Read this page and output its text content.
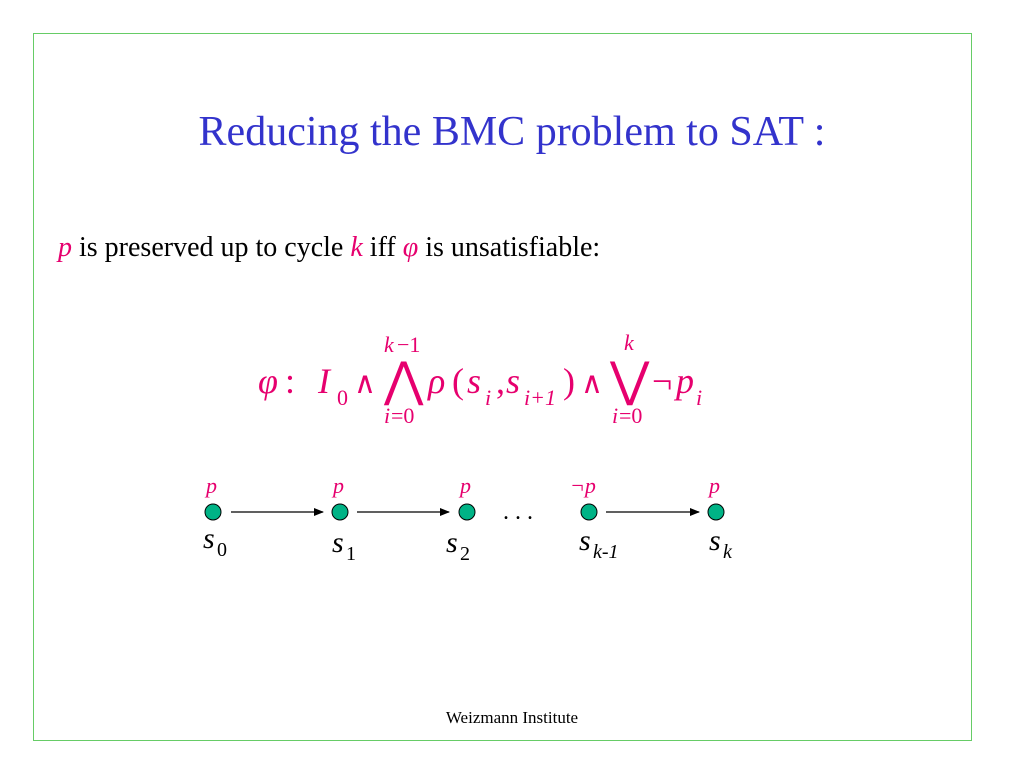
Reducing the BMC problem to SAT :
p is preserved up to cycle k iff φ is unsatisfiable:
φ : I 0 ∧
k −1
⋀
i =0
ρ ( s i , s i+1 ) ∧
k
⋁
i =0
¬ p i
. . .
p
s 0
p
s 1
p
s 2
¬p
s k-1
p
s k
Weizmann Institute
